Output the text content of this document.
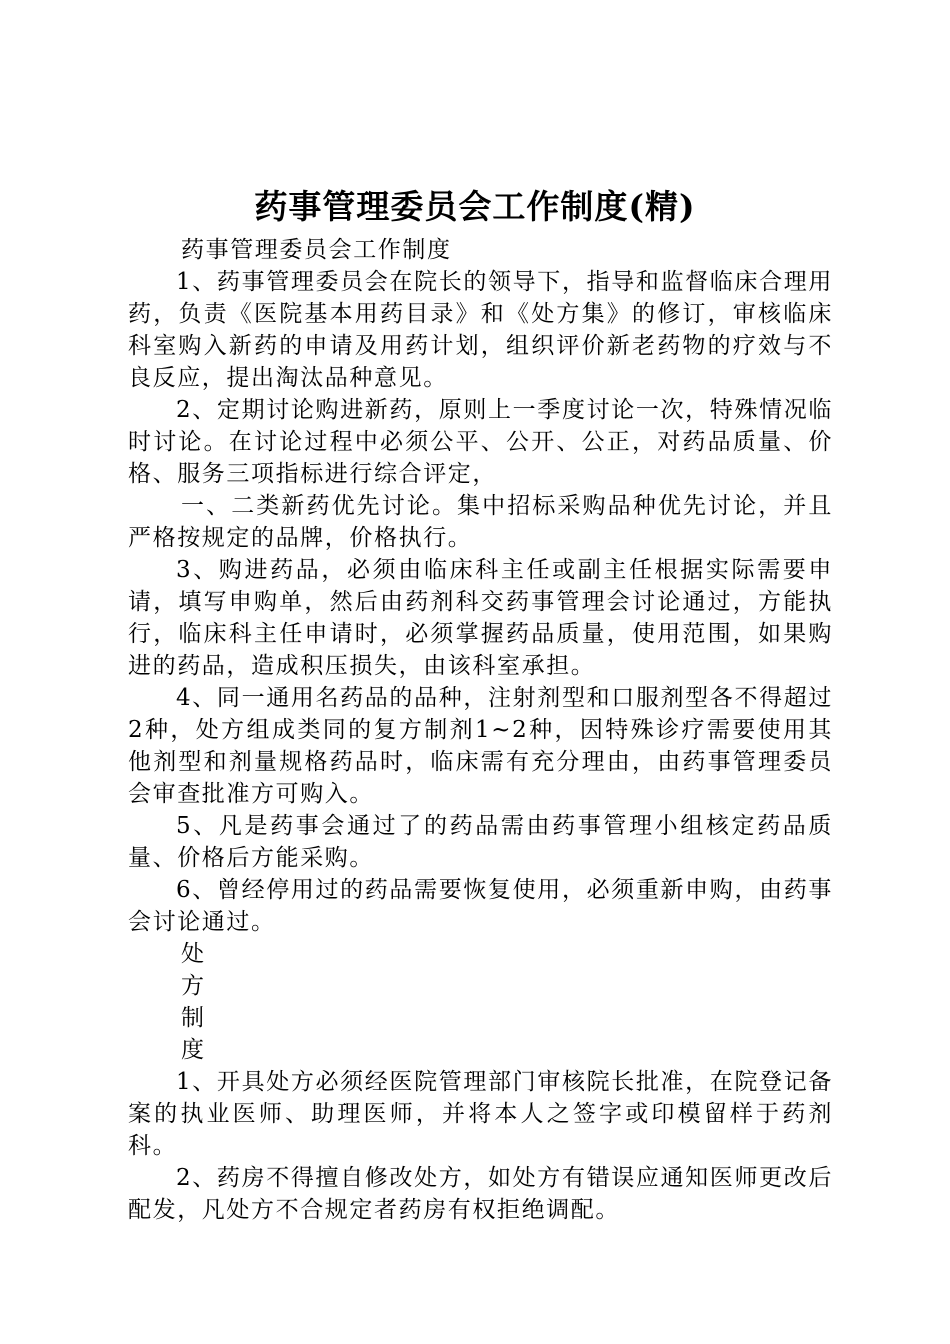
药事管理委员会工作制度(精)

药事管理委员会工作制度

1、药事管理委员会在院长的领导下，指导和监督临床合理用药，负责《医院基本用药目录》和《处方集》的修订，审核临床科室购入新药的申请及用药计划，组织评价新老药物的疗效与不良反应，提出淘汰品种意见。

2、定期讨论购进新药，原则上一季度讨论一次，特殊情况临时讨论。在讨论过程中必须公平、公开、公正，对药品质量、价格、服务三项指标进行综合评定，

一、二类新药优先讨论。集中招标采购品种优先讨论，并且严格按规定的品牌，价格执行。

3、购进药品，必须由临床科主任或副主任根据实际需要申请，填写申购单，然后由药剂科交药事管理会讨论通过，方能执行，临床科主任申请时，必须掌握药品质量，使用范围，如果购进的药品，造成积压损失，由该科室承担。

4、同一通用名药品的品种，注射剂型和口服剂型各不得超过2种，处方组成类同的复方制剂1~2种，因特殊诊疗需要使用其他剂型和剂量规格药品时，临床需有充分理由，由药事管理委员会审查批准方可购入。

5、凡是药事会通过了的药品需由药事管理小组核定药品质量、价格后方能采购。

6、曾经停用过的药品需要恢复使用，必须重新申购，由药事会讨论通过。

处

方

制

度

1、开具处方必须经医院管理部门审核院长批准，在院登记备案的执业医师、助理医师，并将本人之签字或印模留样于药剂科。

2、药房不得擅自修改处方，如处方有错误应通知医师更改后配发，凡处方不合规定者药房有权拒绝调配。
